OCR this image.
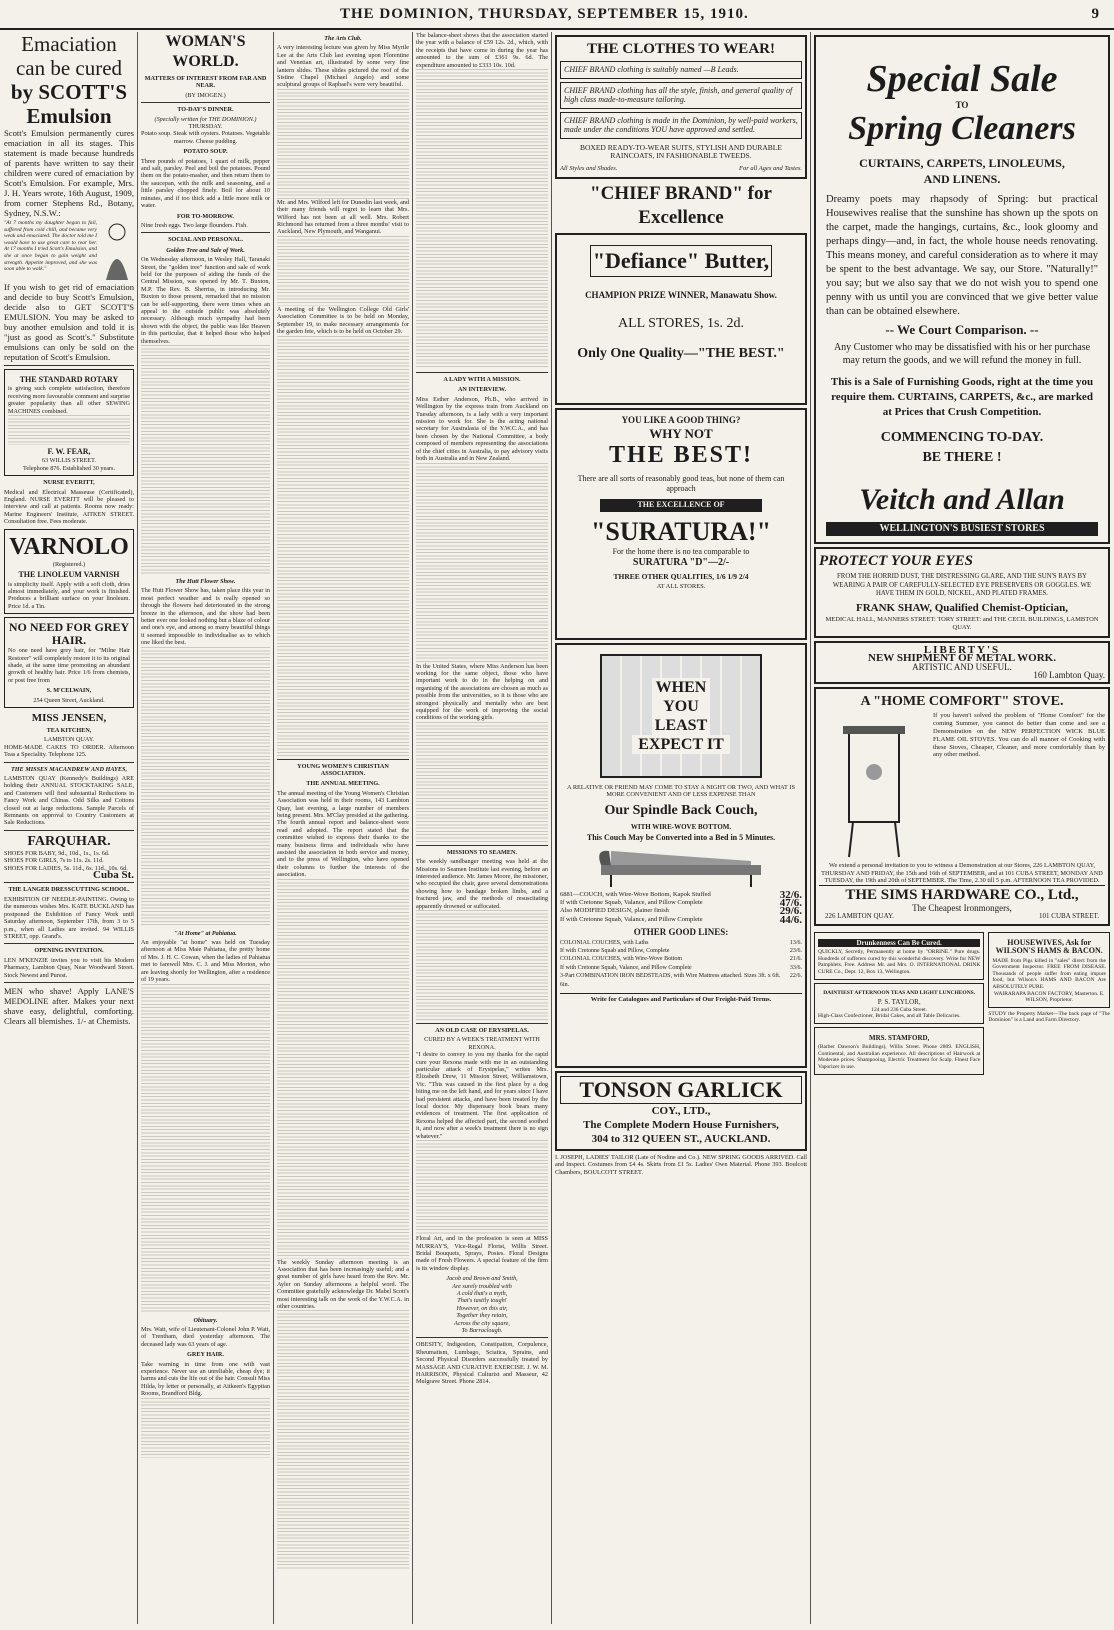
THE DOMINION, THURSDAY, SEPTEMBER 15, 1910.	9
Emaciation
can be cured
by SCOTT'S
Emulsion

Scott's Emulsion permanently cures emaciation in all its stages. This statement is made because hundreds of parents have written to say their children were cured of emaciation by Scott's Emulsion. For example, Mrs. J. H. Years wrote, 16th August, 1909, from corner Stephens Rd., Botany, Sydney, N.S.W.:

"At 7 months my daughter began to fail, suffered from cold chill, and became very weak and emaciated. The doctor told me I would have to use great care to rear her. At 17 months I tried Scott's Emulsion, and she at once began to gain weight and strength. Appetite improved, and she was soon able to walk."

If you wish to get rid of emaciation and decide to buy Scott's Emulsion, decide also to GET SCOTT'S EMULSION. You may be asked to buy another emulsion and told it is "just as good as Scott's." Substitute emulsions can only be sold on the reputation of Scott's Emulsion.

THE STANDARD ROTARY

is giving such complete satisfaction, therefore receiving more favourable comment and surprise greater popularity than all other SEWING MACHINES combined.

F. W. FEAR,
63 WILLIS STREET.
Telephone 876. Established 30 years.
NURSE EVERITT,

Medical and Electrical Masseuse (Certificated), England. NURSE EVERITT will be pleased to interview and call at patients. Rooms now ready: Marine Engineers' Institute, AITKEN STREET. Consultation free. Fees moderate.

VARNOLO
(Registered.)
THE LINOLEUM VARNISH

is simplicity itself. Apply with a soft cloth, dries almost immediately, and your work is finished. Produces a brilliant surface on your linoleum. Price 1d. a Tin.

NO NEED FOR GREY HAIR.

No one need have grey hair, for "Milne Hair Restorer" will completely restore it to its original shade, at the same time promoting an abundant growth of healthy hair. Price 1/6 from chemists, or post free from

S. M'CELWAIN,
254 Queen Street, Auckland.
MISS JENSEN,
TEA KITCHEN,
LAMBTON QUAY.

HOME-MADE CAKES TO ORDER. Afternoon Teas a Speciality. Telephone 125.

THE MISSES MACANDREW AND HAYES,

LAMBTON QUAY (Kennedy's Buildings) ARE holding their ANNUAL STOCKTAKING SALE, and Customers will find substantial Reductions in Fancy Work and Chinas. Odd Silks and Cottons closed out at large reductions. Sample Parcels of Remnants on approval to Country Customers at Sale Reductions.

FARQUHAR.
SHOES FOR BABY, 9d., 10d., 1s., 1s. 6d.
SHOES FOR GIRLS, 7s to 11s. 2s. 11d.
SHOES FOR LADIES, 5s. 11d., 6s. 11d., 10s. 6d.
Cuba St.
THE LANGER DRESSCUTTING SCHOOL.

EXHIBITION OF NEEDLE-PAINTING. Owing to the numerous wishes Mrs. KATE BUCKLAND has postponed the Exhibition of Fancy Work until Saturday afternoon, September 17th, from 3 to 5 p.m., when all Ladies are invited. 94 WILLIS STREET, opp. Grand's.

OPENING INVITATION.

LEN M'KENZIE invites you to visit his Modern Pharmacy, Lambton Quay, Near Woodward Street. Stock Newest and Purest.

MEN who shave! Apply LANE'S MEDOLINE after. Makes your next shave easy, delightful, comforting. Clears all blemishes. 1/- at Chemists.

WOMAN'S WORLD.
MATTERS OF INTEREST FROM FAR AND NEAR.
(BY IMOGEN.)
TO-DAY'S DINNER.
(Specially written for THE DOMINION.)
THURSDAY.

Potato soup. Steak with oysters. Potatoes. Vegetable marrow. Cheese pudding.

POTATO SOUP.

Three pounds of potatoes, 1 quart of milk, pepper and salt, parsley. Peel and boil the potatoes. Pound them on the potato-masher, and then return them to the saucepan, with the milk and seasoning, and a little parsley chopped finely. Boil for about 10 minutes, and if too thick add a little more milk or water.

FOR TO-MORROW.

Nine fresh eggs. Two large flounders. Fish.

SOCIAL AND PERSONAL.
Golden Tree and Sale of Work.

On Wednesday afternoon, in Wesley Hall, Taranaki Street, the "golden tree" function and sale of work held for the purposes of aiding the funds of the Central Mission, was opened by Mr. T. Buxton, M.P. The Rev. B. Sherriss, in introducing Mr. Buxton to those present, remarked that no mission can be self-supporting, there were times when an appeal to the outside public was absolutely necessary. Although much sympathy had been shown with the object, the public was like Heaven in this particular, that it helped those who helped themselves.

The Hutt Flower Show.

The Hutt Flower Show has, taken place this year in most perfect weather and is really opened so through the flowers had deteriorated in the strong breeze in the afternoon, and the show had been better ever one looked nothing but a blaze of colour and one's eye, and among so many beautiful things it seemed impossible to individualise as to which one liked the best.

"At Home" at Pahiatua.

An enjoyable "at home" was held on Tuesday afternoon at Miss Maie Pahiatua, the pretty home of Mrs. J. H. C. Cowan, when the ladies of Pahiatua met to farewell Mrs. C. J. and Miss Morton, who are leaving shortly for Wellington, after a residence of 19 years.

Obituary.

Mrs. Watt, wife of Lieutenant-Colonel John P. Watt, of Trentham, died yesterday afternoon. The deceased lady was 63 years of age.

GREY HAIR.

Take warning in time from one with vast experience. Never use an unreliable, cheap dye; it harms and cuts the life out of the hair. Consult Miss Hilda, by letter or personally, at Aitkeen's Egyptian Rooms, Brandford Bldg.

The Arts Club.

A very interesting lecture was given by Miss Myrtle Lee at the Arts Club last evening upon Florentine and Venetian art, illustrated by some very fine lantern slides. These slides pictured the roof of the Sistine Chapel (Michael Angelo) and some sculptural groups of Raphael's were very beautiful.

Mr. and Mrs. Wilford left for Dunedin last week, and their many friends will regret to learn that Mrs. Wilford has not been at all well. Mrs. Robert Richmond has returned from a three months' visit to Auckland, New Plymouth, and Wanganui.

A meeting of the Wellington College Old Girls' Association Committee is to be held on Monday, September 19, to make necessary arrangements for the garden fete, which is to be held on October 29.

YOUNG WOMEN'S CHRISTIAN ASSOCIATION.
THE ANNUAL MEETING.

The annual meeting of the Young Women's Christian Association was held in their rooms, 143 Lambton Quay, last evening, a large number of members being present. Mrs. M'Clay presided at the gathering. The fourth annual report and balance-sheet were read and adopted. The report stated that the committee wished to express their thanks to the many business firms and individuals who have assisted the association in both service and money, and to the press of Wellington, who have opened their columns to further the interests of the association.

The weekly Sunday afternoon meeting is an Association that has been increasingly useful; and a great number of girls have heard from the Rev. Mr. Ayler on Sunday afternoons a helpful word. The Committee gratefully acknowledge Dr. Mabel Scott's most interesting talk on the work of the Y.W.C.A. in other countries.

The balance-sheet shows that the association started the year with a balance of £59 12s. 2d., which, with the receipts that have come in during the year has amounted to the sum of £361 9s. 6d. The expenditure amounted to £333 10s. 10d.

A LADY WITH A MISSION.
AN INTERVIEW.

Miss Esther Anderson, Ph.B., who arrived in Wellington by the express train from Auckland on Tuesday afternoon, is a lady with a very important mission to work for. She is the acting national secretary for Australasia of the Y.W.C.A., and has been chosen by the National Committee, a body composed of members representing the associations of the chief cities in Australia, to pay advisory visits both in Australia and in New Zealand.

In the United States, where Miss Anderson has been working for the same object, those who have important work to do in the helping on and organising of the associations are chosen as much as possible from the universities, so it is those who are strongest physically and mentally who are best equipped for the work of improving the social conditions of the working girls.

MISSIONS TO SEAMEN.

The weekly sandbanger meeting was held at the Missions to Seamen Institute last evening, before an interested audience. Mr. James Moore, the missioner, who occupied the chair, gave several demonstrations showing how to bandage broken limbs, and a fractured jaw, and the methods of resuscitating apparently drowned or suffocated.

AN OLD CASE OF ERYSIPELAS.
CURED BY A WEEK'S TREATMENT WITH REXONA.

"I desire to convey to you my thanks for the rapid cure your Rexona made with me in an outstanding particular attack of Erysipelas," writes Mrs. Elizabeth Drew, 11 Mission Street, Williamstown, Vic. "This was caused in the first place by a dog biting me on the left hand, and for years since I have had persistent attacks, and have been treated by the local doctor. My dispensary book bears many evidences of treatment. The first application of Rexona helped the affected part, the second soothed it, and now after a week's treatment there is no sign whatever."

Floral Art, and in the profession is seen at MISS MURRAY'S, Vice-Regal Florist, Willis Street. Bridal Bouquets, Sprays, Posies. Floral Designs made of Fresh Flowers. A special feature of the firm is its window display.

Jacob and Brown and Smith,
Are surely troubled with
A cold that's a myth,
That's tastily tough!
However, on this air,
Together they retain,
Across the city square,
To Barraclough.

OBESITY, Indigestion, Constipation, Corpulence, Rheumatism, Lumbago, Sciatica, Sprains, and Second Physical Disorders successfully treated by MASSAGE AND CURATIVE EXERCISE. J. W. M. HARRISON, Physical Culturist and Masseur, 42 Mulgrave Street. Phone 2814.

THE CLOTHES TO WEAR!
CHIEF BRAND clothing is suitably named —B Leads.
CHIEF BRAND clothing has all the style, finish, and general quality of high class made-to-measure tailoring.
CHIEF BRAND clothing is made in the Dominion, by well-paid workers, made under the conditions YOU have approved and settled.
BOXED READY-TO-WEAR SUITS, STYLISH AND DURABLE RAINCOATS, IN FASHIONABLE TWEEDS.
All Styles and Shades.	For all Ages and Tastes.
"CHIEF BRAND" for Excellence
"Defiance" Butter,
CHAMPION PRIZE WINNER, Manawatu Show.
ALL STORES, 1s. 2d.
Only One Quality—"THE BEST."
YOU LIKE A GOOD THING?
WHY NOT
THE BEST!
There are all sorts of reasonably good teas, but none of them can approach
THE EXCELLENCE OF
"SURATURA!"
For the home there is no tea comparable to
SURATURA "D"—2/-
THREE OTHER QUALITIES, 1/6 1/9 2/4
AT ALL STORES.
WHEN
YOU
LEAST
EXPECT IT
A RELATIVE OR FRIEND MAY COME TO STAY A NIGHT OR TWO, AND WHAT IS MORE CONVENIENT AND OF LESS EXPENSE THAN
Our Spindle Back Couch,
WITH WIRE-WOVE BOTTOM.
This Couch May be Converted into a Bed in 5 Minutes.
6881—COUCH, with Wire-Wove Bottom, Kapok Stuffed	32/6.
If with Cretonne Squab, Valance, and Pillow Complete	47/6.
Also MODIFIED DESIGN, plainer finish	29/6.
If with Cretonne Squab, Valance, and Pillow Complete	44/6.
OTHER GOOD LINES:
COLONIAL COUCHES, with Laths	13/6.
If with Cretonne Squab and Pillow, Complete	23/6.
COLONIAL COUCHES, with Wire-Wove Bottom	21/6.
If with Cretonne Squab, Valance, and Pillow Complete	33/6.
3-Part COMBINATION IRON BEDSTEADS, with Wire Mattress attached. Sizes 3ft. x 6ft. 6in.
22/6.
Write for Catalogues and Particulars of Our Freight-Paid Terms.
TONSON GARLICK
COY., LTD.,
The Complete Modern House Furnishers,
304 to 312 QUEEN ST., AUCKLAND.

I. JOSEPH, LADIES' TAILOR (Late of Nodine and Co.). NEW SPRING GOODS ARRIVED. Call and Inspect. Costumes from £4 4s. Skirts from £1 5s. Ladies' Own Material. Phone 393. Boulcott Chambers, BOULCOTT STREET.

Special Sale
TO
Spring Cleaners
CURTAINS, CARPETS, LINOLEUMS, AND LINENS.

Dreamy poets may rhapsody of Spring: but practical Housewives realise that the sunshine has shown up the spots on the carpet, made the hangings, curtains, &c., look gloomy and perhaps dingy—and, in fact, the whole house needs renovating. This means money, and careful consideration as to where it may be spent to the best advantage. We say, our Store. "Naturally!" you say; but we also say that we do not wish you to spend one penny with us until you are convinced that we give better value than can be obtained elsewhere.

-- We Court Comparison. --

Any Customer who may be dissatisfied with his or her purchase may return the goods, and we will refund the money in full.

This is a Sale of Furnishing Goods, right at the time you require them. CURTAINS, CARPETS, &c., are marked at Prices that Crush Competition.

COMMENCING TO-DAY.
BE THERE !
Veitch and Allan
WELLINGTON'S BUSIEST STORES
PROTECT YOUR EYES
FROM THE HORRID DUST, THE DISTRESSING GLARE, AND THE SUN'S RAYS BY WEARING A PAIR OF CAREFULLY-SELECTED EYE PRESERVERS OR GOGGLES. WE HAVE THEM IN GOLD, NICKEL, AND PLATED FRAMES.
FRANK SHAW, Qualified Chemist-Optician,
MEDICAL HALL, MANNERS STREET: TORY STREET: and THE CECIL BUILDINGS, LAMBTON QUAY.
LIBERTY'S
NEW SHIPMENT OF METAL WORK.
ARTISTIC AND USEFUL.
160 Lambton Quay.
A "HOME COMFORT" STOVE.

If you haven't solved the problem of "Home Comfort" for the coming Summer, you cannot do better than come and see a Demonstration on the NEW PERFECTION WICK BLUE FLAME OIL STOVES. You can do all manner of Cooking with these Stoves, Cheaper, Cleaner, and more comfortably than by any other method.

We extend a personal invitation to you to witness a Demonstration at our Stores, 226 LAMBTON QUAY, THURSDAY AND FRIDAY, the 15th and 16th of SEPTEMBER, and at 101 CUBA STREET, MONDAY AND TUESDAY, the 19th and 20th of SEPTEMBER. The Time, 2.30 till 5 p.m. AFTERNOON TEA PROVIDED.

THE SIMS HARDWARE CO., Ltd.,
The Cheapest Ironmongers,
226 LAMBTON QUAY.	101 CUBA STREET.
Drunkenness Can Be Cured.

QUICKLY, Secretly, Permanently at home by "ORRINE." Pure drugs. Hundreds of sufferers cured by this wonderful discovery. Write for NEW Pamphlets. Free. Address Mr. and Mrs. O. INTERNATIONAL DRINK CURE Co., Dept. 12, Box 13, Wellington.

DAINTIEST AFTERNOON TEAS AND LIGHT LUNCHEONS.
P. S. TAYLOR,
124 and 236 Cuba Street.

High-Class Confectioner, Bridal Cakes, and all Table Delicacies.

MRS. STAMFORD,

(Barber Dawson's Buildings), Willis Street. Phone 2809. ENGLISH, Continental, and Australian experience. All descriptions of Hairwork at Moderate prices. Shampooing, Electric Treatment for Scalp. Finest Face Vaporizer in use.

HOUSEWIVES, Ask for WILSON'S HAMS & BACON.

MADE from Pigs killed in "sales" direct from the Government Inspector. FREE FROM DISEASE. Thousands of people suffer from eating impure food, but Wilson's HAMS AND BACON Are ABSOLUTELY PURE.

WAIRARAPA BACON FACTORY, Masterton. E. WILSON, Proprietor.

STUDY the Property Market—The back page of "The Dominion" is a Land and Farm Directory.
